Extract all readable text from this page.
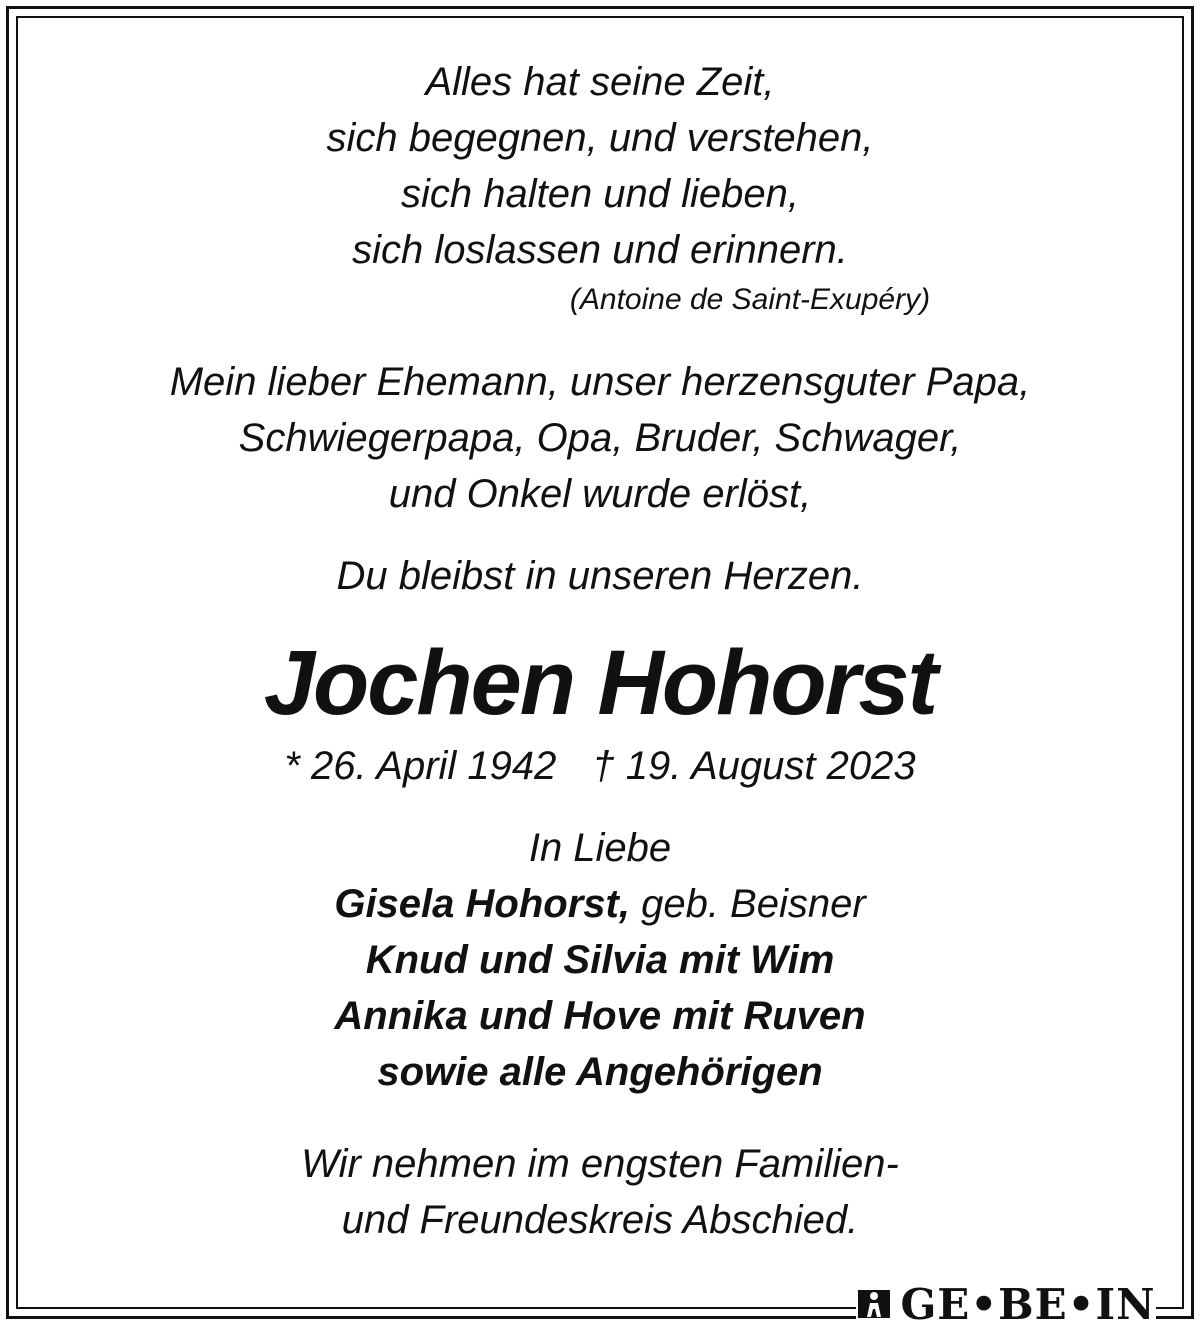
Alles hat seine Zeit,
sich begegnen, und verstehen,
sich halten und lieben,
sich loslassen und erinnern.
(Antoine de Saint-Exupéry)
Mein lieber Ehemann, unser herzensguter Papa,
Schwiegerpapa, Opa, Bruder, Schwager,
und Onkel wurde erlöst,
Du bleibst in unseren Herzen.
Jochen Hohorst
* 26. April 1942 † 19. August 2023
In Liebe
Gisela Hohorst, geb. Beisner
Knud und Silvia mit Wim
Annika und Hove mit Ruven
sowie alle Angehörigen
Wir nehmen im engsten Familien-
und Freundeskreis Abschied.
GE•BE•IN
